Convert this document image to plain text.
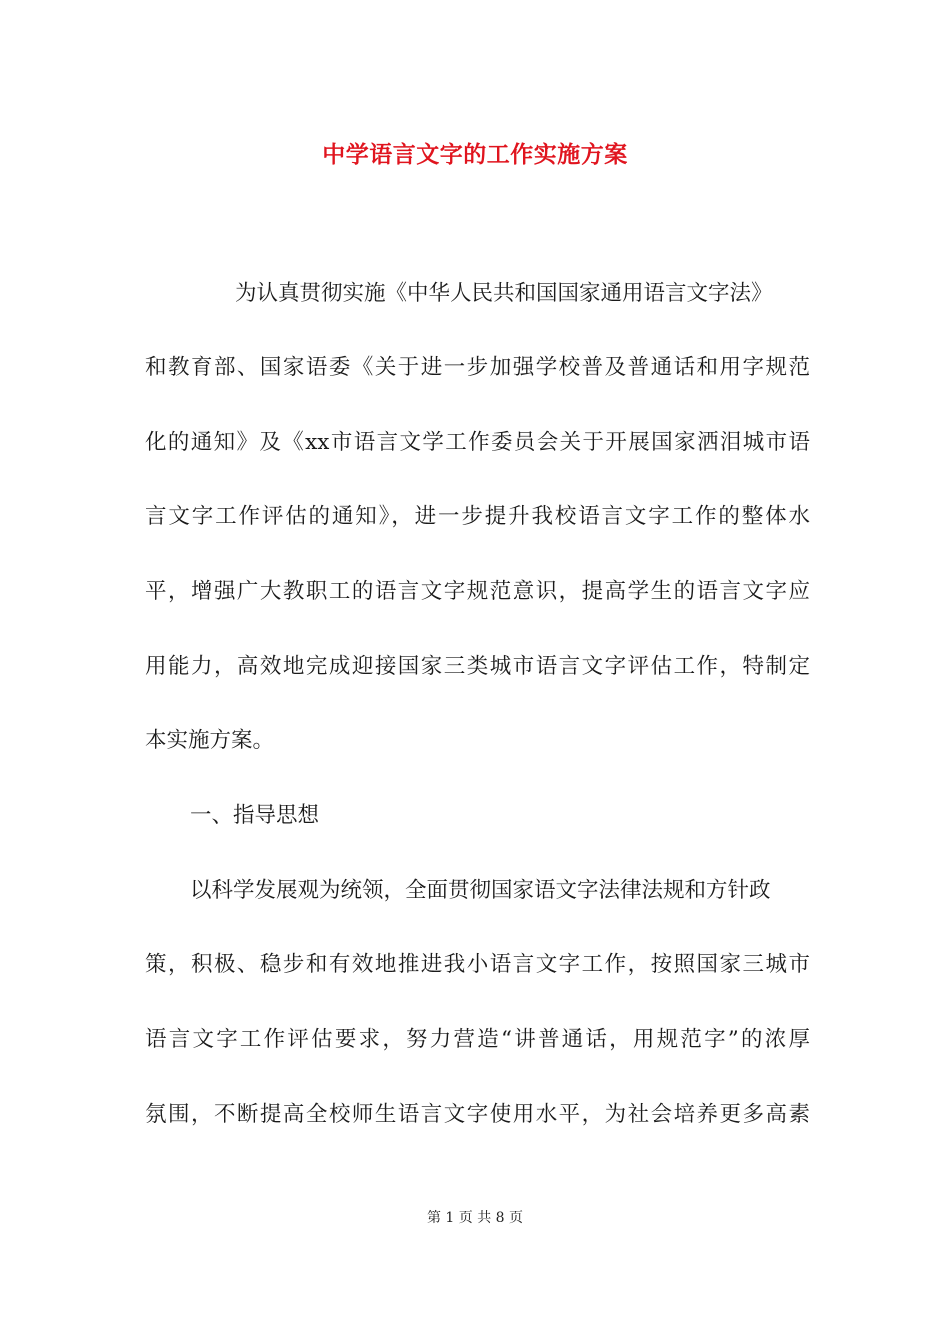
中学语言文字的工作实施方案

为认真贯彻实施《中华人民共和国国家通用语言文字法》

和教育部、国家语委《关于进一步加强学校普及普通话和用字规范

化的通知》及《xx市语言文学工作委员会关于开展国家洒泪城市语

言文字工作评估的通知》，进一步提升我校语言文字工作的整体水

平，增强广大教职工的语言文字规范意识，提高学生的语言文字应

用能力，高效地完成迎接国家三类城市语言文字评估工作，特制定

本实施方案。

一、指导思想

以科学发展观为统领，全面贯彻国家语文字法律法规和方针政

策，积极、稳步和有效地推进我小语言文字工作，按照国家三城市

语言文字工作评估要求，努力营造“讲普通话，用规范字”的浓厚

氛围，不断提高全校师生语言文字使用水平，为社会培养更多高素

第 1 页 共 8 页
